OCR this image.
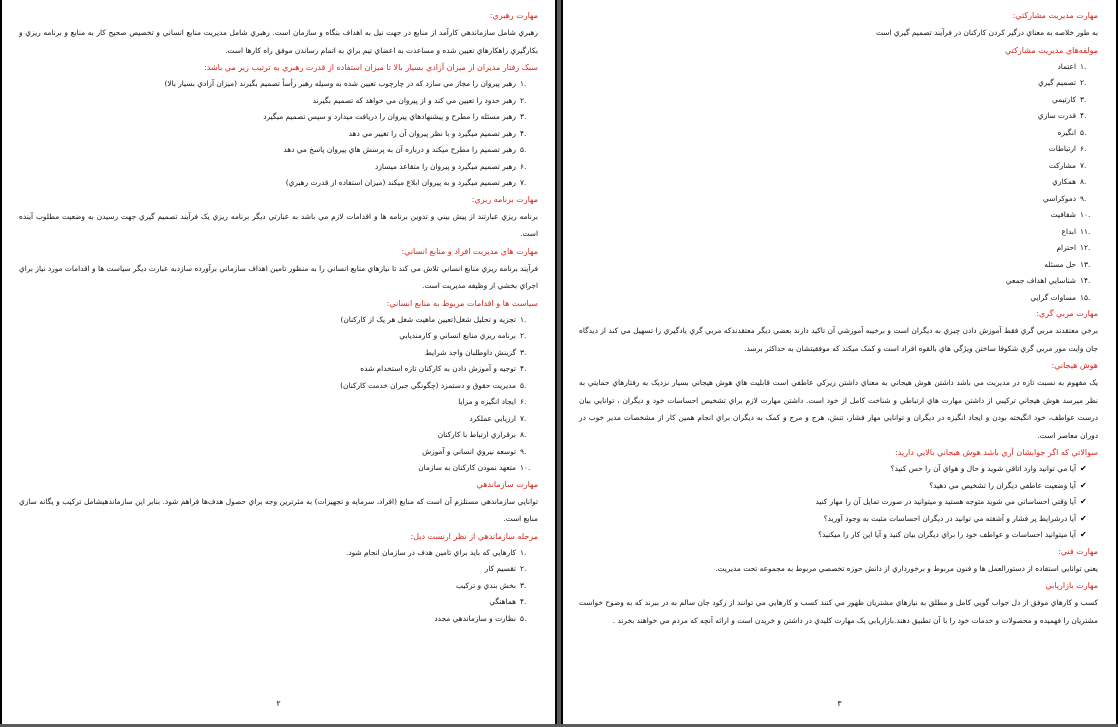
مهارت رهبري:

رهبري شامل سازماندهي كارآمد از منابع در جهت نيل به اهداف بنگاه و سازمان است. رهبري شامل مديريت منابع انساني و تخصيص صحيح كار به منابع و برنامه ريزي و بكارگيري راهكارهاي تعيين شده و مساعدت به اعضاي تيم براي به اتمام رساندن موفق راه كارها است.

سبک رفتار مديران از ميزان آزادي بسيار بالا تا ميزان استفاده از قدرت رهبري به ترتيب زير مي باشد:

.۱
رهبر پيروان را مجاز مي سازد كه در چارچوب تعيين شده به وسيله رهبر رأساً تصميم بگيرند (ميزان آزادي بسيار بالا)
.۲
رهبر حدود را تعيين مي كند و از پيروان مي خواهد كه تصميم بگيرند
.۳
رهبر مسئله را مطرح و پيشنهادهاي پيروان را دريافت ميدارد و سپس تصميم ميگيرد
.۴
رهبر تصميم ميگيرد و با نظر پيروان آن را تغيير مي دهد
.۵
رهبر تصميم را مطرح ميكند و درباره آن به پرسش هاي پيروان پاسخ مي دهد
.۶
رهبر تصميم ميگيرد و پيروان را متقاعد ميسازد
.۷
رهبر تصميم ميگيرد و به پيروان ابلاغ ميكند (ميزان استفاده از قدرت رهبري)

مهارت برنامه ريزي:

برنامه ريزي عبارتند از پيش بيني و تدوين برنامه ها و اقدامات لازم مي باشد به عبارتي ديگر برنامه ريزي يک فرآيند تصميم گيري جهت رسيدن به وضعيت مطلوب آينده است.

مهارت هاي مديريت افراد و منابع انساني:

فرآيند برنامه ريزي منابع انساني تلاش مي كند تا نيازهاي منابع انساني را به منظور تامين اهداف سازماني برآورده سازدبه عبارت ديگر سياست ها و اقدامات مورد نياز براي اجراي بخشي از وظيفه مديريت است.

سياست ها و اقدامات مربوط به منابع انساني:

.۱
تجزيه و تحليل شغل(تعيين ماهيت شغل هر يک از كاركنان)
.۲
برنامه ريزي منابع انساني و كارمنديابي
.۳
گزينش داوطلبان واجد شرايط
.۴
توجيه و آموزش دادن به كاركنان تازه استخدام شده
.۵
مديريت حقوق و دستمزد (چگونگي جبران خدمت كاركنان)
.۶
ايجاد انگيزه و مزايا
.۷
ارزيابي عملكرد
.۸
برقراري ارتباط با كاركنان
.۹
توسعه نيروي انساني و آموزش
.۱۰
متعهد نمودن كاركنان به سازمان

مهارت سازماندهي

توانايي سازماندهي مستلزم آن است كه منابع (افراد، سرمايه و تجهيزات) به مثرترين وجه براي حصول هدف‌ها فراهم شود. بنابر اين سازماندهيشامل تركيب و يگانه سازي منابع است.

مرحله سازماندهي از نظر ارنست ديل:

.۱
كارهايي كه بايد براي تامين هدف در سازمان انجام شود.
.۲
تقسيم كار
.۳
بخش بندي و تركيب
.۴
هماهنگي
.۵
نظارت و سازماندهي مجدد
۲

مهارت مديريت مشاركتي:

به طور خلاصه به معناي درگير كردن كاركنان در فرآيند تصميم گيري است

مولفه‌هاي مديريت مشاركتي

.۱
اعتماد
.۲
تصميم گيري
.۳
كارتيمي
.۴
قدرت سازي
.۵
انگيزه
.۶
ارتباطات
.۷
مشاركت
.۸
همكاري
.۹
دموكراسي
.۱۰
شفافيت
.۱۱
ابداع
.۱۲
احترام
.۱۳
حل مسئله
.۱۴
شناسايي اهداف جمعي
.۱۵
مساوات گرايي

مهارت مربي گري:

برخي معتقدند مربي گري فقط آموزش دادن چيزي به ديگران است و برخيبه آموزشي آن تاكيد دارند بعضي ديگر معتقدندكه مربي گري يادگيري را تسهيل مي كند از ديدگاه جان وايت مور مربي گري شكوفا ساختن ويژگي هاي بالقوه افراد است و كمک ميكند كه موفقيتشان به حداكثر برسد.

هوش هيجاني:

يک مفهوم به نسبت تازه در مديريت مي باشد داشتن هوش هيجاني به معناي داشتن زيركي عاطفي است قابليت هاي هوش هيجاني بسيار نزديک به رفتارهاي حمايتي به نظر ميرسد هوش هيجاني تركيبي از داشتن مهارت هاي ارتباطي و شناخت كامل از خود است. داشتن مهارت لازم براي تشخيص احساسات خود و ديگران ، توانايي بيان درست عواطف، خود انگيخته بودن و ايجاد انگيزه در ديگران و توانايي مهار فشار، تنش، هرج و مرج و كمک به ديگران براي انجام همين كار از مشخصات مدير خوب در دوران معاصر است.

سوالاتي كه اگر جوابشان آري باشد هوش هيجاني بالايي داريد:

✔
آيا مي توانيد وارد اتاقي شويد و حال و هواي آن را حس كنيد؟
✔
آيا وضعيت عاطفي ديگران را تشخيص مي دهيد؟
✔
آيا وقتي احساساتي مي شويد متوجه هستيد و ميتوانيد در صورت تمايل آن را مهار كنيد
✔
آيا درشرايط پر فشار و آشفته مي توانيد در ديگران احساسات مثبت به وجود آوريد؟
✔
آيا ميتوانيد احساسات و عواطف خود را براي ديگران بيان كنيد و آيا اين كار را ميكنيد؟

مهارت فني:

يعني توانايي استفاده از دستورالعمل ها و فنون مربوط و برخورداري از دانش حوزه تخصصي مربوط به مجموعه تحت مديريت.

مهارت بازاريابي

كسب و كارهاي موفق از دل جواب گويي كامل و مطلق به نيازهاي مشتريان ظهور مي كنند كسب و كارهايي مي توانند از ركود جان سالم به در ببرند كه به وضوح خواست مشتريان را فهميده و محصولات و خدمات خود را با آن تطبيق دهند.بازاريابي يک مهارت كليدي در داشتن و خريدن است و ارائه آنچه كه مردم مي خواهند بخرند .

۳
